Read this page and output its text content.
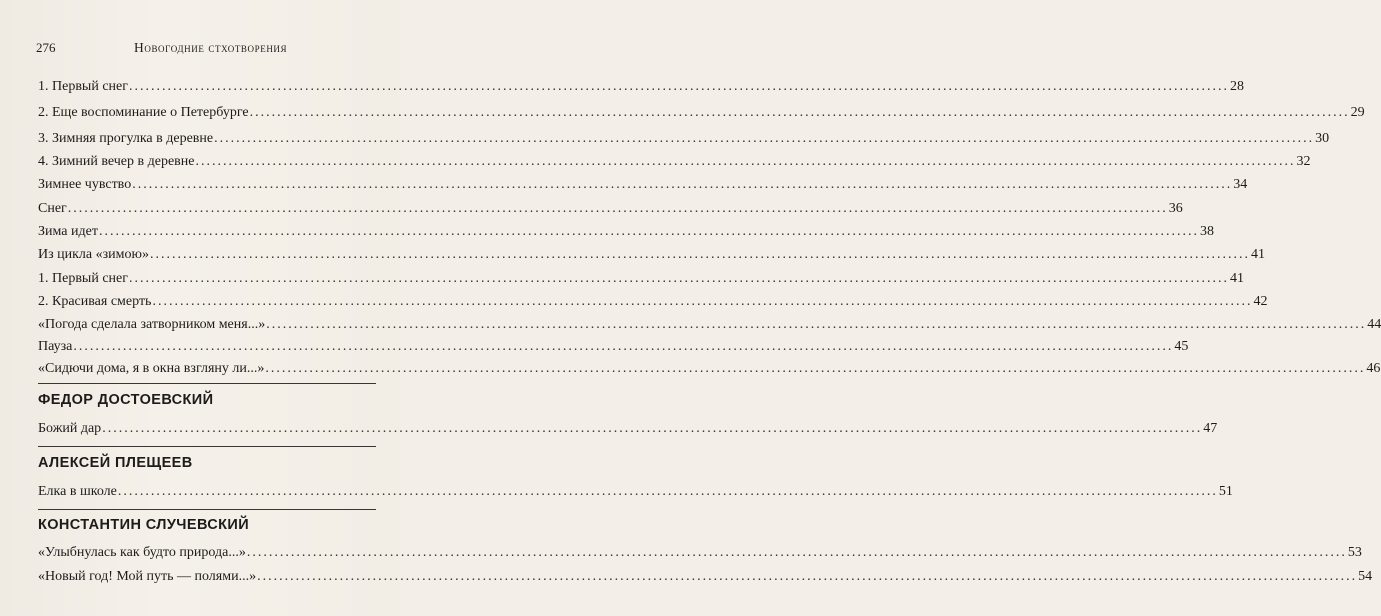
276	Новогодние стхотворения
1. Первый снег ........................................................................................................................................................................................................ 28
2. Еще воспоминание о Петербурге ........................................................................................................................................................................................................ 29
3. Зимняя прогулка в деревне ........................................................................................................................................................................................................ 30
4. Зимний вечер в деревне ........................................................................................................................................................................................................ 32
Зимнее чувство ........................................................................................................................................................................................................ 34
Снег ........................................................................................................................................................................................................ 36
Зима идет ........................................................................................................................................................................................................ 38
Из цикла «зимою» ........................................................................................................................................................................................................ 41
1. Первый снег ........................................................................................................................................................................................................ 41
2. Красивая смерть ........................................................................................................................................................................................................ 42
«Погода сделала затворником меня...» ........................................................................................................................................................................................................ 44
Пауза ........................................................................................................................................................................................................ 45
«Сидючи дома, я в окна взгляну ли...» ........................................................................................................................................................................................................ 46
ФЕДОР ДОСТОЕВСКИЙ
Божий дар ........................................................................................................................................................................................................ 47
АЛЕКСЕЙ ПЛЕЩЕЕВ
Елка в школе ........................................................................................................................................................................................................ 51
КОНСТАНТИН СЛУЧЕВСКИЙ
«Улыбнулась как будто природа...» ........................................................................................................................................................................................................ 53
«Новый год! Мой путь — полями...» ........................................................................................................................................................................................................ 54
